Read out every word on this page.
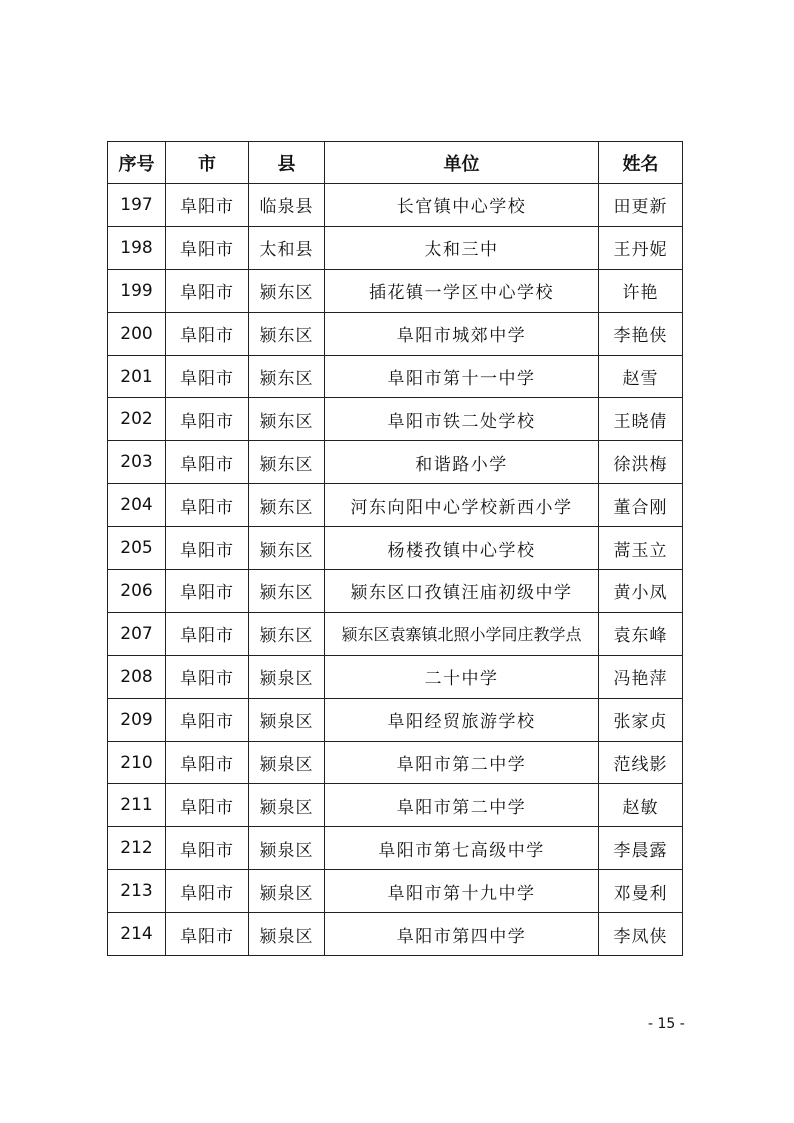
序号	市	县	单位	姓名
197	阜阳市	临泉县	长官镇中心学校	田更新
198	阜阳市	太和县	太和三中	王丹妮
199	阜阳市	颍东区	插花镇一学区中心学校	许艳
200	阜阳市	颍东区	阜阳市城郊中学	李艳侠
201	阜阳市	颍东区	阜阳市第十一中学	赵雪
202	阜阳市	颍东区	阜阳市铁二处学校	王晓倩
203	阜阳市	颍东区	和谐路小学	徐洪梅
204	阜阳市	颍东区	河东向阳中心学校新西小学	董合刚
205	阜阳市	颍东区	杨楼孜镇中心学校	蒿玉立
206	阜阳市	颍东区	颍东区口孜镇汪庙初级中学	黄小凤
207	阜阳市	颍东区	颍东区袁寨镇北照小学同庄教学点	袁东峰
208	阜阳市	颍泉区	二十中学	冯艳萍
209	阜阳市	颍泉区	阜阳经贸旅游学校	张家贞
210	阜阳市	颍泉区	阜阳市第二中学	范线影
211	阜阳市	颍泉区	阜阳市第二中学	赵敏
212	阜阳市	颍泉区	阜阳市第七高级中学	李晨露
213	阜阳市	颍泉区	阜阳市第十九中学	邓曼利
214	阜阳市	颍泉区	阜阳市第四中学	李凤侠
- 15 -
